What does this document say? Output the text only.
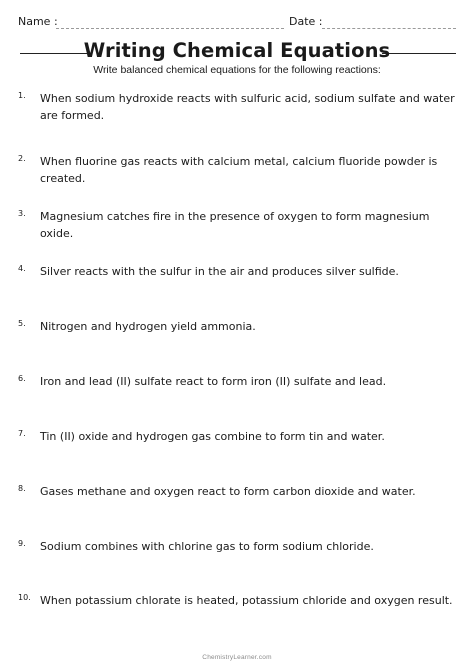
Name :	Date :
Writing Chemical Equations
Write balanced chemical equations for the following reactions:
1. When sodium hydroxide reacts with sulfuric acid, sodium sulfate and water are formed.
2. When fluorine gas reacts with calcium metal, calcium fluoride powder is created.
3. Magnesium catches fire in the presence of oxygen to form magnesium oxide.
4. Silver reacts with the sulfur in the air and produces silver sulfide.
5. Nitrogen and hydrogen yield ammonia.
6. Iron and lead (II) sulfate react to form iron (II) sulfate and lead.
7. Tin (II) oxide and hydrogen gas combine to form tin and water.
8. Gases methane and oxygen react to form carbon dioxide and water.
9. Sodium combines with chlorine gas to form sodium chloride.
10. When potassium chlorate is heated, potassium chloride and oxygen result.
ChemistryLearner.com
